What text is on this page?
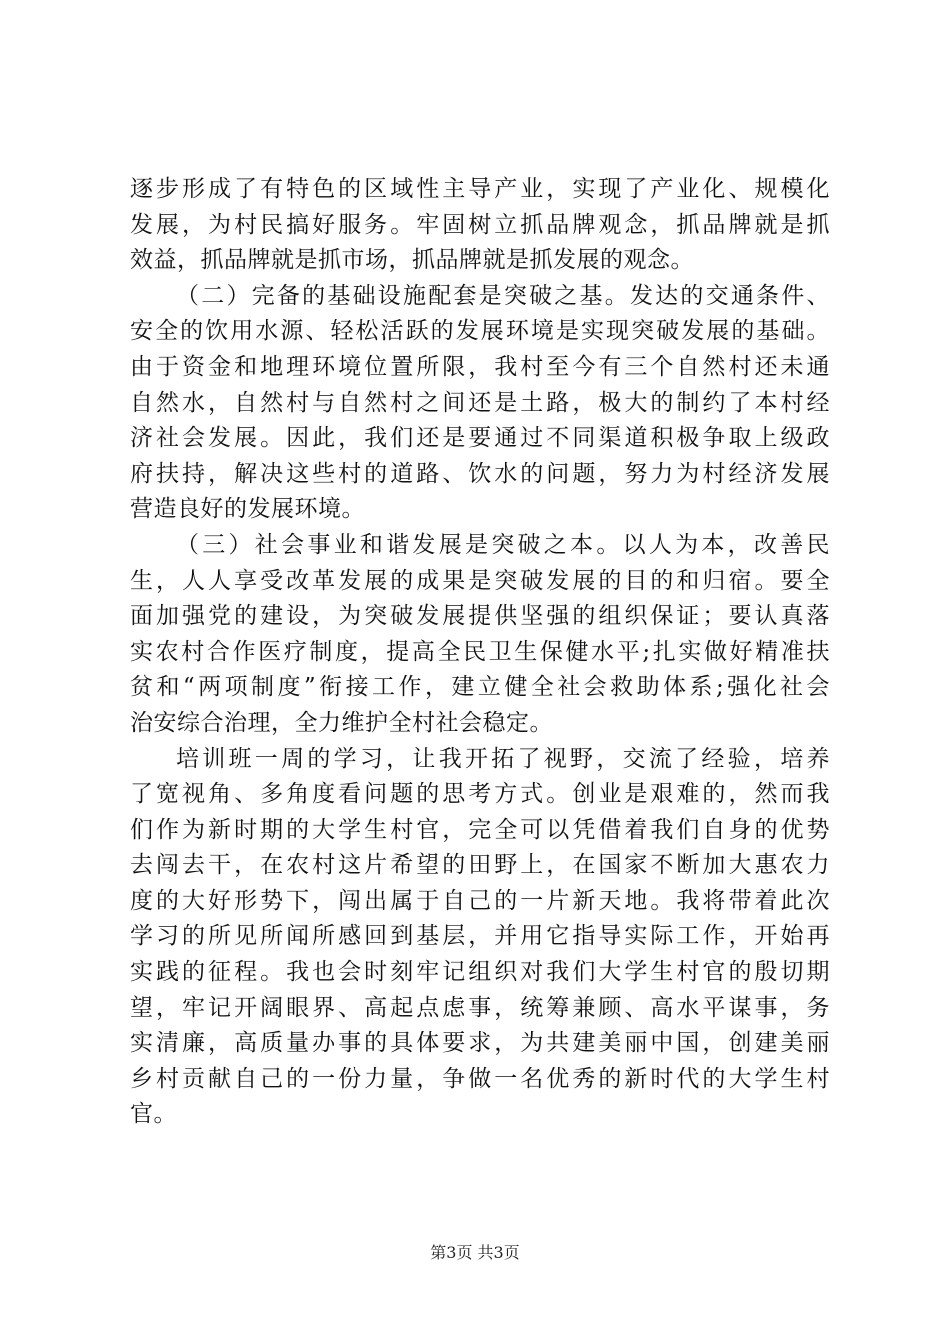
逐步形成了有特色的区域性主导产业，实现了产业化、规模化
发展，为村民搞好服务。牢固树立抓品牌观念，抓品牌就是抓
效益，抓品牌就是抓市场，抓品牌就是抓发展的观念。
（二）完备的基础设施配套是突破之基。发达的交通条件、
安全的饮用水源、轻松活跃的发展环境是实现突破发展的基础。
由于资金和地理环境位置所限，我村至今有三个自然村还未通
自然水，自然村与自然村之间还是土路，极大的制约了本村经
济社会发展。因此，我们还是要通过不同渠道积极争取上级政
府扶持，解决这些村的道路、饮水的问题，努力为村经济发展
营造良好的发展环境。
（三）社会事业和谐发展是突破之本。以人为本，改善民
生，人人享受改革发展的成果是突破发展的目的和归宿。要全
面加强党的建设，为突破发展提供坚强的组织保证；要认真落
实农村合作医疗制度，提高全民卫生保健水平;扎实做好精准扶
贫和“两项制度”衔接工作，建立健全社会救助体系;强化社会
治安综合治理，全力维护全村社会稳定。
培训班一周的学习，让我开拓了视野，交流了经验，培养
了宽视角、多角度看问题的思考方式。创业是艰难的，然而我
们作为新时期的大学生村官，完全可以凭借着我们自身的优势
去闯去干，在农村这片希望的田野上，在国家不断加大惠农力
度的大好形势下，闯出属于自己的一片新天地。我将带着此次
学习的所见所闻所感回到基层，并用它指导实际工作，开始再
实践的征程。我也会时刻牢记组织对我们大学生村官的殷切期
望，牢记开阔眼界、高起点虑事，统筹兼顾、高水平谋事，务
实清廉，高质量办事的具体要求，为共建美丽中国，创建美丽
乡村贡献自己的一份力量，争做一名优秀的新时代的大学生村
官。
第3页 共3页
